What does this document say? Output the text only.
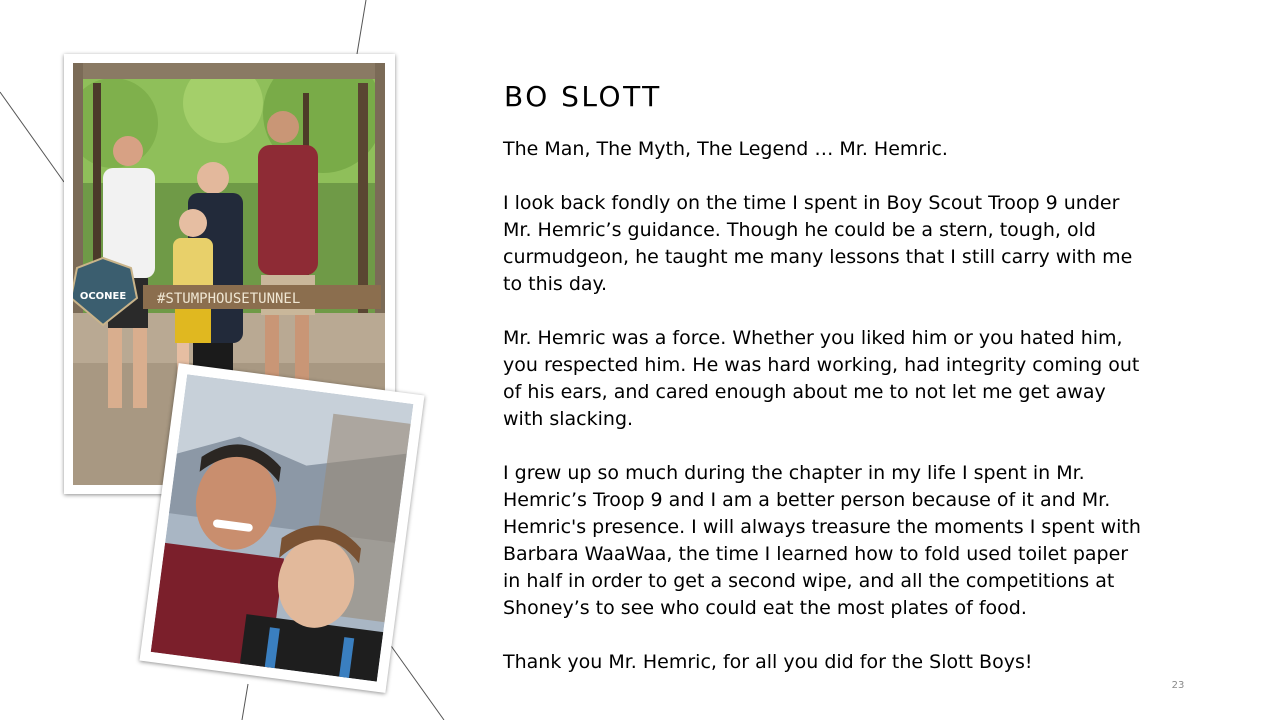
#STUMPHOUSETUNNEL
OCONEE
BO SLOTT

The Man, The Myth, The Legend … Mr. Hemric.

I look back fondly on the time I spent in Boy Scout Troop 9 under
Mr. Hemric’s guidance. Though he could be a stern, tough, old
curmudgeon, he taught me many lessons that I still carry with me
to this day.

Mr. Hemric was a force. Whether you liked him or you hated him,
you respected him. He was hard working, had integrity coming out
of his ears, and cared enough about me to not let me get away
with slacking.

I grew up so much during the chapter in my life I spent in Mr.
Hemric’s Troop 9 and I am a better person because of it and Mr.
Hemric's presence. I will always treasure the moments I spent with
Barbara WaaWaa, the time I learned how to fold used toilet paper
in half in order to get a second wipe, and all the competitions at
Shoney’s to see who could eat the most plates of food.

Thank you Mr. Hemric, for all you did for the Slott Boys!

23
